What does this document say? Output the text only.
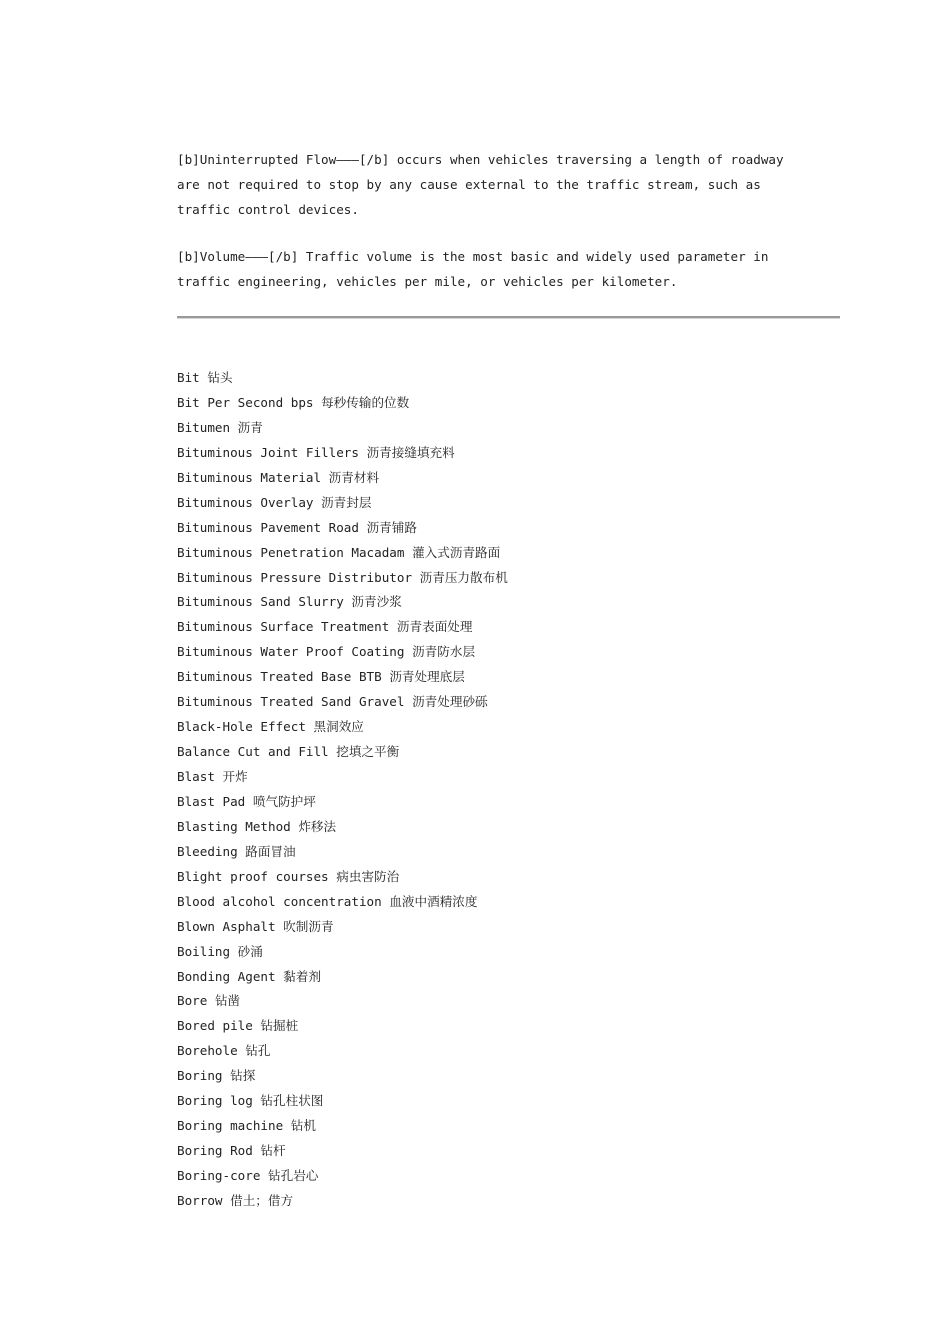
[b]Uninterrupted Flow———[/b] occurs when vehicles traversing a length of roadway
are not required to stop by any cause external to the traffic stream, such as
traffic control devices.

[b]Volume———[/b] Traffic volume is the most basic and widely used parameter in
traffic engineering, vehicles per mile, or vehicles per kilometer.

Bit 钻头
Bit Per Second bps 每秒传输的位数
Bitumen 沥青
Bituminous Joint Fillers 沥青接缝填充料
Bituminous Material 沥青材料
Bituminous Overlay 沥青封层
Bituminous Pavement Road 沥青铺路
Bituminous Penetration Macadam 灌入式沥青路面
Bituminous Pressure Distributor 沥青压力散布机
Bituminous Sand Slurry 沥青沙浆
Bituminous Surface Treatment 沥青表面处理
Bituminous Water Proof Coating 沥青防水层
Bituminous Treated Base BTB 沥青处理底层
Bituminous Treated Sand Gravel 沥青处理砂砾
Black-Hole Effect 黑洞效应
Balance Cut and Fill 挖填之平衡
Blast 开炸
Blast Pad 喷气防护坪
Blasting Method 炸移法
Bleeding 路面冒油
Blight proof courses 病虫害防治
Blood alcohol concentration 血液中酒精浓度
Blown Asphalt 吹制沥青
Boiling 砂涌
Bonding Agent 黏着剂
Bore 钻凿
Bored pile 钻掘桩
Borehole 钻孔
Boring 钻探
Boring log 钻孔柱状图
Boring machine 钻机
Boring Rod 钻杆
Boring-core 钻孔岩心
Borrow 借土；借方
